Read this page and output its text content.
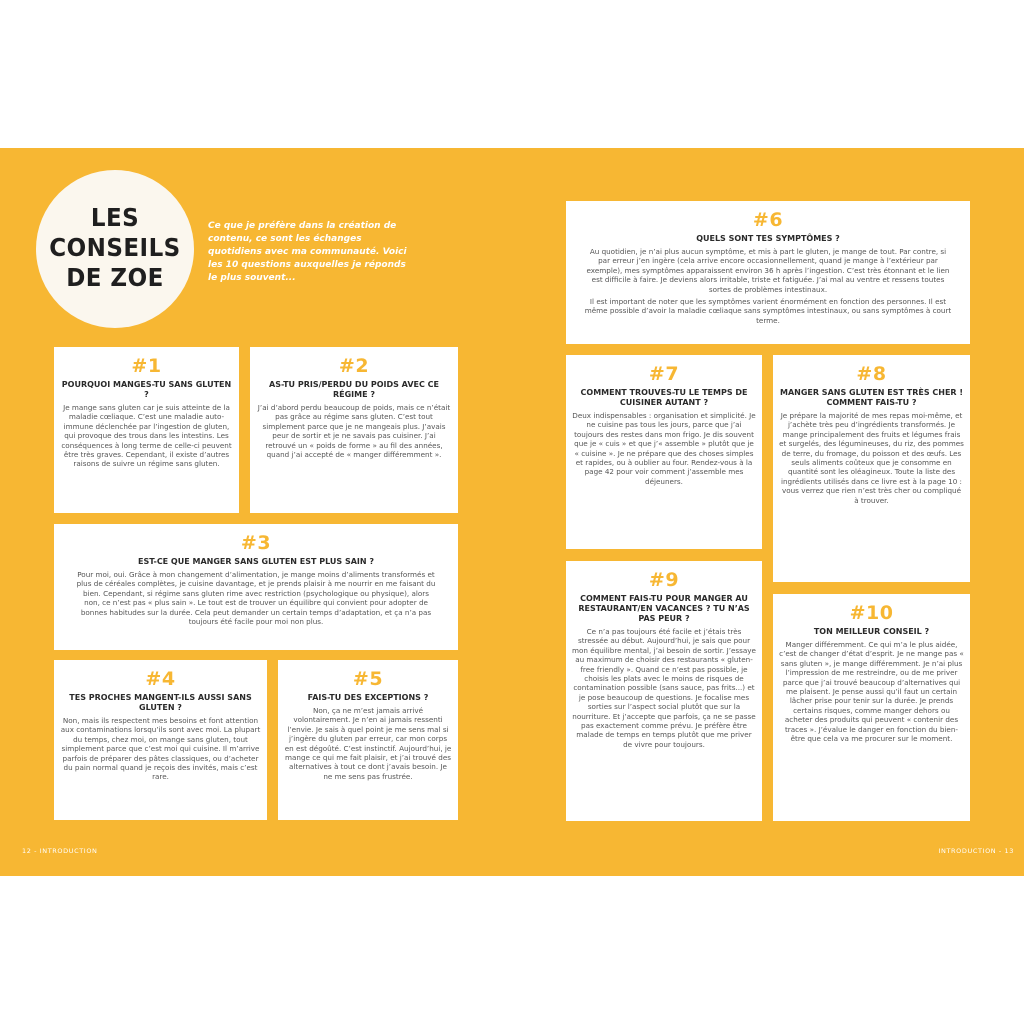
LES
CONSEILS
DE ZOE
Ce que je préfère dans la création de contenu, ce sont les échanges quotidiens avec ma communauté. Voici les 10 questions auxquelles je réponds le plus souvent...
#1
POURQUOI MANGES-TU SANS GLUTEN ?
Je mange sans gluten car je suis atteinte de la maladie cœliaque. C’est une maladie auto-immune déclenchée par l’ingestion de gluten, qui provoque des trous dans les intestins. Les conséquences à long terme de celle-ci peuvent être très graves. Cependant, il existe d’autres raisons de suivre un régime sans gluten.
#2
AS-TU PRIS/PERDU DU POIDS AVEC CE RÉGIME ?
J’ai d’abord perdu beaucoup de poids, mais ce n’était pas grâce au régime sans gluten. C’est tout simplement parce que je ne mangeais plus. J’avais peur de sortir et je ne savais pas cuisiner. J’ai retrouvé un « poids de forme » au fil des années, quand j’ai accepté de « manger différemment ».
#3
EST-CE QUE MANGER SANS GLUTEN EST PLUS SAIN ?
Pour moi, oui. Grâce à mon changement d’alimentation, je mange moins d’aliments transformés et plus de céréales complètes, je cuisine davantage, et je prends plaisir à me nourrir en me faisant du bien. Cependant, si régime sans gluten rime avec restriction (psychologique ou physique), alors non, ce n’est pas « plus sain ». Le tout est de trouver un équilibre qui convient pour adopter de bonnes habitudes sur la durée. Cela peut demander un certain temps d’adaptation, et ça n’a pas toujours été facile pour moi non plus.
#4
TES PROCHES MANGENT-ILS AUSSI SANS GLUTEN ?
Non, mais ils respectent mes besoins et font attention aux contaminations lorsqu’ils sont avec moi. La plupart du temps, chez moi, on mange sans gluten, tout simplement parce que c’est moi qui cuisine. Il m’arrive parfois de préparer des pâtes classiques, ou d’acheter du pain normal quand je reçois des invités, mais c’est rare.
#5
FAIS-TU DES EXCEPTIONS ?
Non, ça ne m’est jamais arrivé volontairement. Je n’en ai jamais ressenti l’envie. Je sais à quel point je me sens mal si j’ingère du gluten par erreur, car mon corps en est dégoûté. C’est instinctif. Aujourd’hui, je mange ce qui me fait plaisir, et j’ai trouvé des alternatives à tout ce dont j’avais besoin. Je ne me sens pas frustrée.
#6
QUELS SONT TES SYMPTÔMES ?
Au quotidien, je n’ai plus aucun symptôme, et mis à part le gluten, je mange de tout. Par contre, si par erreur j’en ingère (cela arrive encore occasionnellement, quand je mange à l’extérieur par exemple), mes symptômes apparaissent environ 36 h après l’ingestion. C’est très étonnant et le lien est difficile à faire. Je deviens alors irritable, triste et fatiguée. J’ai mal au ventre et ressens toutes sortes de problèmes intestinaux.
Il est important de noter que les symptômes varient énormément en fonction des personnes. Il est même possible d’avoir la maladie cœliaque sans symptômes intestinaux, ou sans symptômes à court terme.
#7
COMMENT TROUVES-TU LE TEMPS DE CUISINER AUTANT ?
Deux indispensables : organisation et simplicité. Je ne cuisine pas tous les jours, parce que j’ai toujours des restes dans mon frigo. Je dis souvent que je « cuis » et que j’« assemble » plutôt que je « cuisine ». Je ne prépare que des choses simples et rapides, ou à oublier au four. Rendez-vous à la page 42 pour voir comment j’assemble mes déjeuners.
#8
MANGER SANS GLUTEN EST TRÈS CHER ! COMMENT FAIS-TU ?
Je prépare la majorité de mes repas moi-même, et j’achète très peu d’ingrédients transformés. Je mange principalement des fruits et légumes frais et surgelés, des légumineuses, du riz, des pommes de terre, du fromage, du poisson et des œufs. Les seuls aliments coûteux que je consomme en quantité sont les oléagineux. Toute la liste des ingrédients utilisés dans ce livre est à la page 10 : vous verrez que rien n’est très cher ou compliqué à trouver.
#9
COMMENT FAIS-TU POUR MANGER AU RESTAURANT/EN VACANCES ? TU N’AS PAS PEUR ?
Ce n’a pas toujours été facile et j’étais très stressée au début. Aujourd’hui, je sais que pour mon équilibre mental, j’ai besoin de sortir. J’essaye au maximum de choisir des restaurants « gluten-free friendly ». Quand ce n’est pas possible, je choisis les plats avec le moins de risques de contamination possible (sans sauce, pas frits...) et je pose beaucoup de questions. Je focalise mes sorties sur l’aspect social plutôt que sur la nourriture. Et j’accepte que parfois, ça ne se passe pas exactement comme prévu. Je préfère être malade de temps en temps plutôt que me priver de vivre pour toujours.
#10
TON MEILLEUR CONSEIL ?
Manger différemment. Ce qui m’a le plus aidée, c’est de changer d’état d’esprit. Je ne mange pas « sans gluten », je mange différemment. Je n’ai plus l’impression de me restreindre, ou de me priver parce que j’ai trouvé beaucoup d’alternatives qui me plaisent. Je pense aussi qu’il faut un certain lâcher prise pour tenir sur la durée. Je prends certains risques, comme manger dehors ou acheter des produits qui peuvent « contenir des traces ». J’évalue le danger en fonction du bien-être que cela va me procurer sur le moment.
12 - INTRODUCTION	INTRODUCTION - 13
